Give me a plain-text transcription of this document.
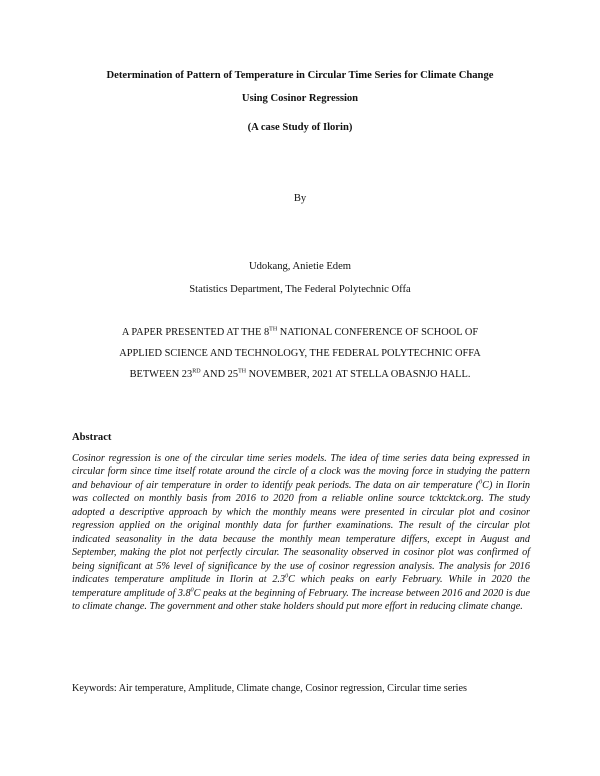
Determination of Pattern of Temperature in Circular Time Series for Climate Change
Using Cosinor Regression
(A case Study of Ilorin)
By
Udokang, Anietie Edem
Statistics Department, The Federal Polytechnic Offa
A PAPER PRESENTED AT THE 8TH NATIONAL CONFERENCE OF SCHOOL OF
APPLIED SCIENCE AND TECHNOLOGY, THE FEDERAL POLYTECHNIC OFFA
BETWEEN 23RD AND 25TH NOVEMBER, 2021 AT STELLA OBASNJO HALL.
Abstract
Cosinor regression is one of the circular time series models. The idea of time series data being expressed in circular form since time itself rotate around the circle of a clock was the moving force in studying the pattern and behaviour of air temperature in order to identify peak periods. The data on air temperature ($^0$C) in Ilorin was collected on monthly basis from 2016 to 2020 from a reliable online source tcktcktck.org. The study adopted a descriptive approach by which the monthly means were presented in circular plot and cosinor regression applied on the original monthly data for further examinations. The result of the circular plot indicated seasonality in the data because the monthly mean temperature differs, except in August and September, making the plot not perfectly circular. The seasonality observed in cosinor plot was confirmed of being significant at 5% level of significance by the use of cosinor regression analysis. The analysis for 2016 indicates temperature amplitude in Ilorin at $2.3^0C$ which peaks on early February. While in 2020 the temperature amplitude of $3.8^0C$ peaks at the beginning of February. The increase between 2016 and 2020 is due to climate change. The government and other stake holders should put more effort in reducing climate change.
Keywords: Air temperature, Amplitude, Climate change, Cosinor regression, Circular time series
